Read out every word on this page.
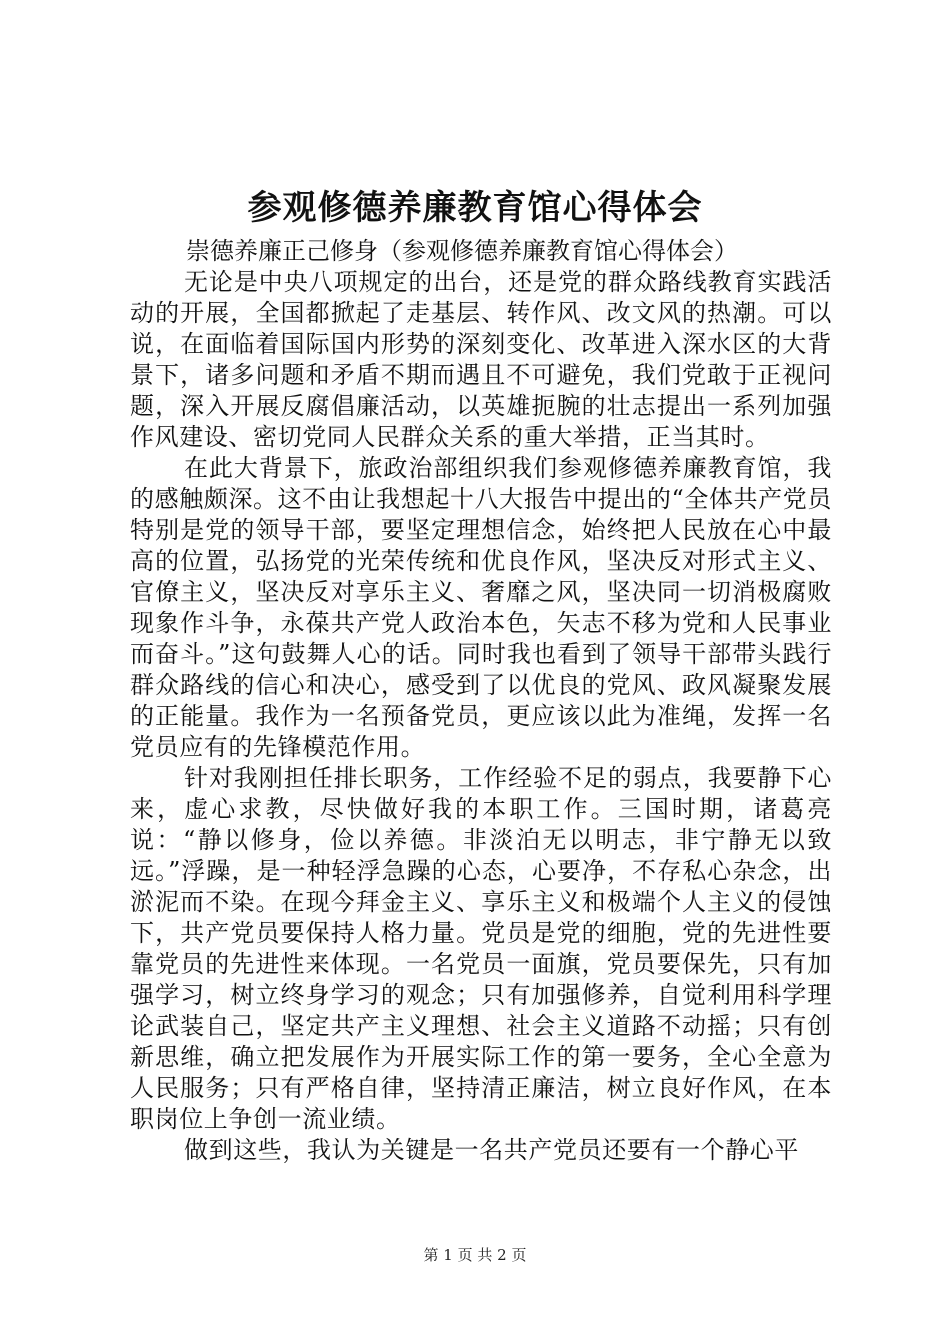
参观修德养廉教育馆心得体会

崇德养廉正己修身（参观修德养廉教育馆心得体会）

无论是中央八项规定的出台，还是党的群众路线教育实践活动的开展，全国都掀起了走基层、转作风、改文风的热潮。可以说，在面临着国际国内形势的深刻变化、改革进入深水区的大背景下，诸多问题和矛盾不期而遇且不可避免，我们党敢于正视问题，深入开展反腐倡廉活动，以英雄扼腕的壮志提出一系列加强作风建设、密切党同人民群众关系的重大举措，正当其时。

在此大背景下，旅政治部组织我们参观修德养廉教育馆，我的感触颇深。这不由让我想起十八大报告中提出的“全体共产党员特别是党的领导干部，要坚定理想信念，始终把人民放在心中最高的位置，弘扬党的光荣传统和优良作风，坚决反对形式主义、官僚主义，坚决反对享乐主义、奢靡之风，坚决同一切消极腐败现象作斗争，永葆共产党人政治本色，矢志不移为党和人民事业而奋斗。”这句鼓舞人心的话。同时我也看到了领导干部带头践行群众路线的信心和决心，感受到了以优良的党风、政风凝聚发展的正能量。我作为一名预备党员，更应该以此为准绳，发挥一名党员应有的先锋模范作用。

针对我刚担任排长职务，工作经验不足的弱点，我要静下心来，虚心求教，尽快做好我的本职工作。三国时期，诸葛亮说：“静以修身，俭以养德。非淡泊无以明志，非宁静无以致远。”浮躁，是一种轻浮急躁的心态，心要净，不存私心杂念，出淤泥而不染。在现今拜金主义、享乐主义和极端个人主义的侵蚀下，共产党员要保持人格力量。党员是党的细胞，党的先进性要靠党员的先进性来体现。一名党员一面旗，党员要保先，只有加强学习，树立终身学习的观念；只有加强修养，自觉利用科学理论武装自己，坚定共产主义理想、社会主义道路不动摇；只有创新思维，确立把发展作为开展实际工作的第一要务，全心全意为人民服务；只有严格自律，坚持清正廉洁，树立良好作风，在本职岗位上争创一流业绩。

做到这些，我认为关键是一名共产党员还要有一个静心平

第 1 页 共 2 页
